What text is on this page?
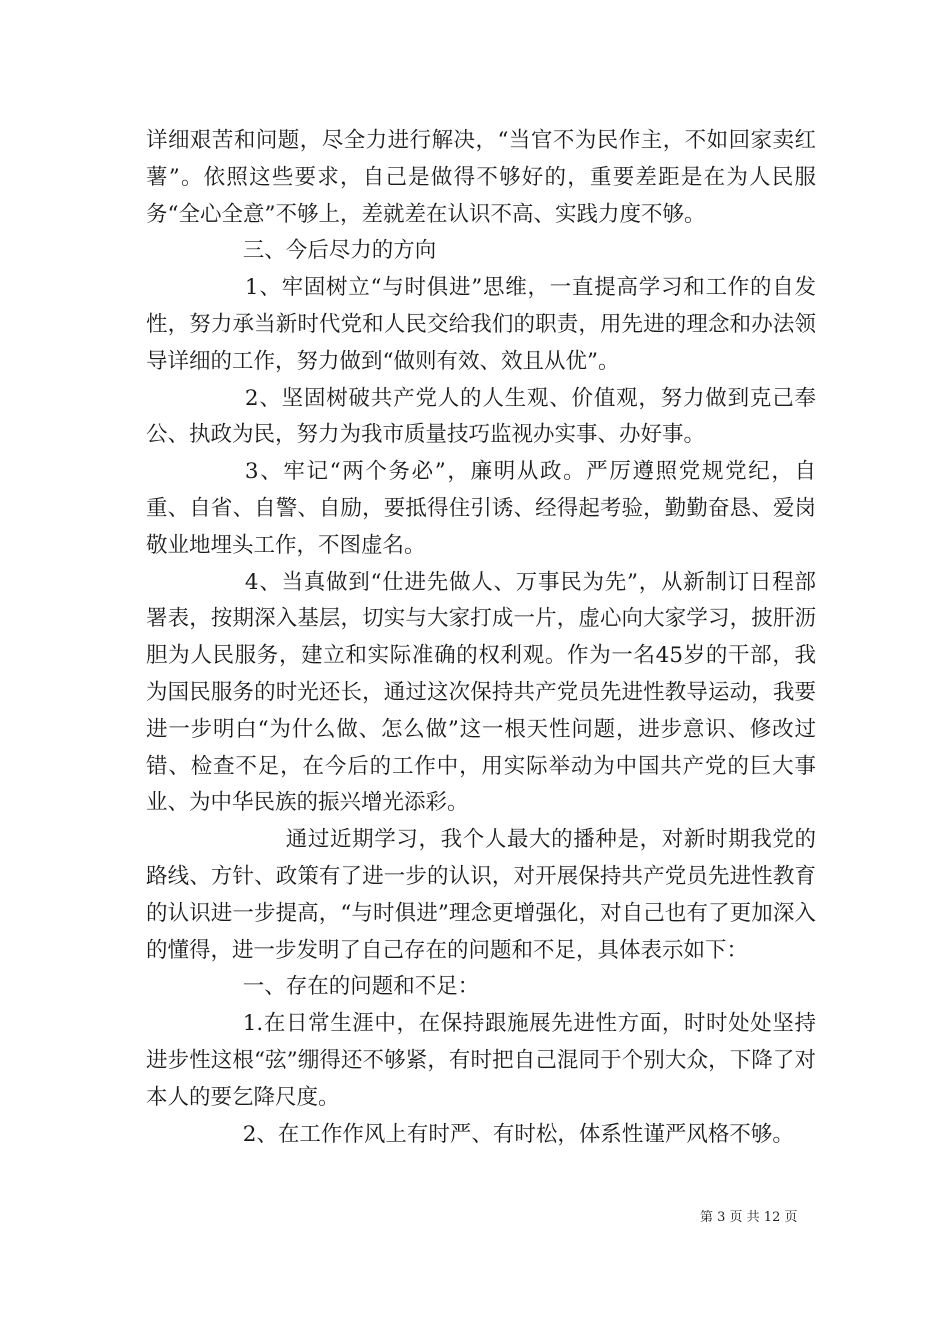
详细艰苦和问题，尽全力进行解决，“当官不为民作主，不如回家卖红薯”。依照这些要求，自己是做得不够好的，重要差距是在为人民服务“全心全意”不够上，差就差在认识不高、实践力度不够。

三、今后尽力的方向

1、牢固树立“与时俱进”思维，一直提高学习和工作的自发性，努力承当新时代党和人民交给我们的职责，用先进的理念和办法领导详细的工作，努力做到“做则有效、效且从优”。

2、坚固树破共产党人的人生观、价值观，努力做到克己奉公、执政为民，努力为我市质量技巧监视办实事、办好事。

3、牢记“两个务必”，廉明从政。严厉遵照党规党纪，自重、自省、自警、自励，要抵得住引诱、经得起考验，勤勤奋恳、爱岗敬业地埋头工作，不图虚名。

4、当真做到“仕进先做人、万事民为先”，从新制订日程部署表，按期深入基层，切实与大家打成一片，虚心向大家学习，披肝沥胆为人民服务，建立和实际准确的权利观。作为一名45岁的干部，我为国民服务的时光还长，通过这次保持共产党员先进性教导运动，我要进一步明白“为什么做、怎么做”这一根天性问题，进步意识、修改过错、检查不足，在今后的工作中，用实际举动为中国共产党的巨大事业、为中华民族的振兴增光添彩。

通过近期学习，我个人最大的播种是，对新时期我党的路线、方针、政策有了进一步的认识，对开展保持共产党员先进性教育的认识进一步提高，“与时俱进”理念更增强化，对自己也有了更加深入的懂得，进一步发明了自己存在的问题和不足，具体表示如下：

一、存在的问题和不足：

1.在日常生涯中，在保持跟施展先进性方面，时时处处坚持进步性这根“弦”绷得还不够紧，有时把自己混同于个别大众，下降了对本人的要乞降尺度。

2、在工作作风上有时严、有时松，体系性谨严风格不够。

第 3 页 共 12 页
